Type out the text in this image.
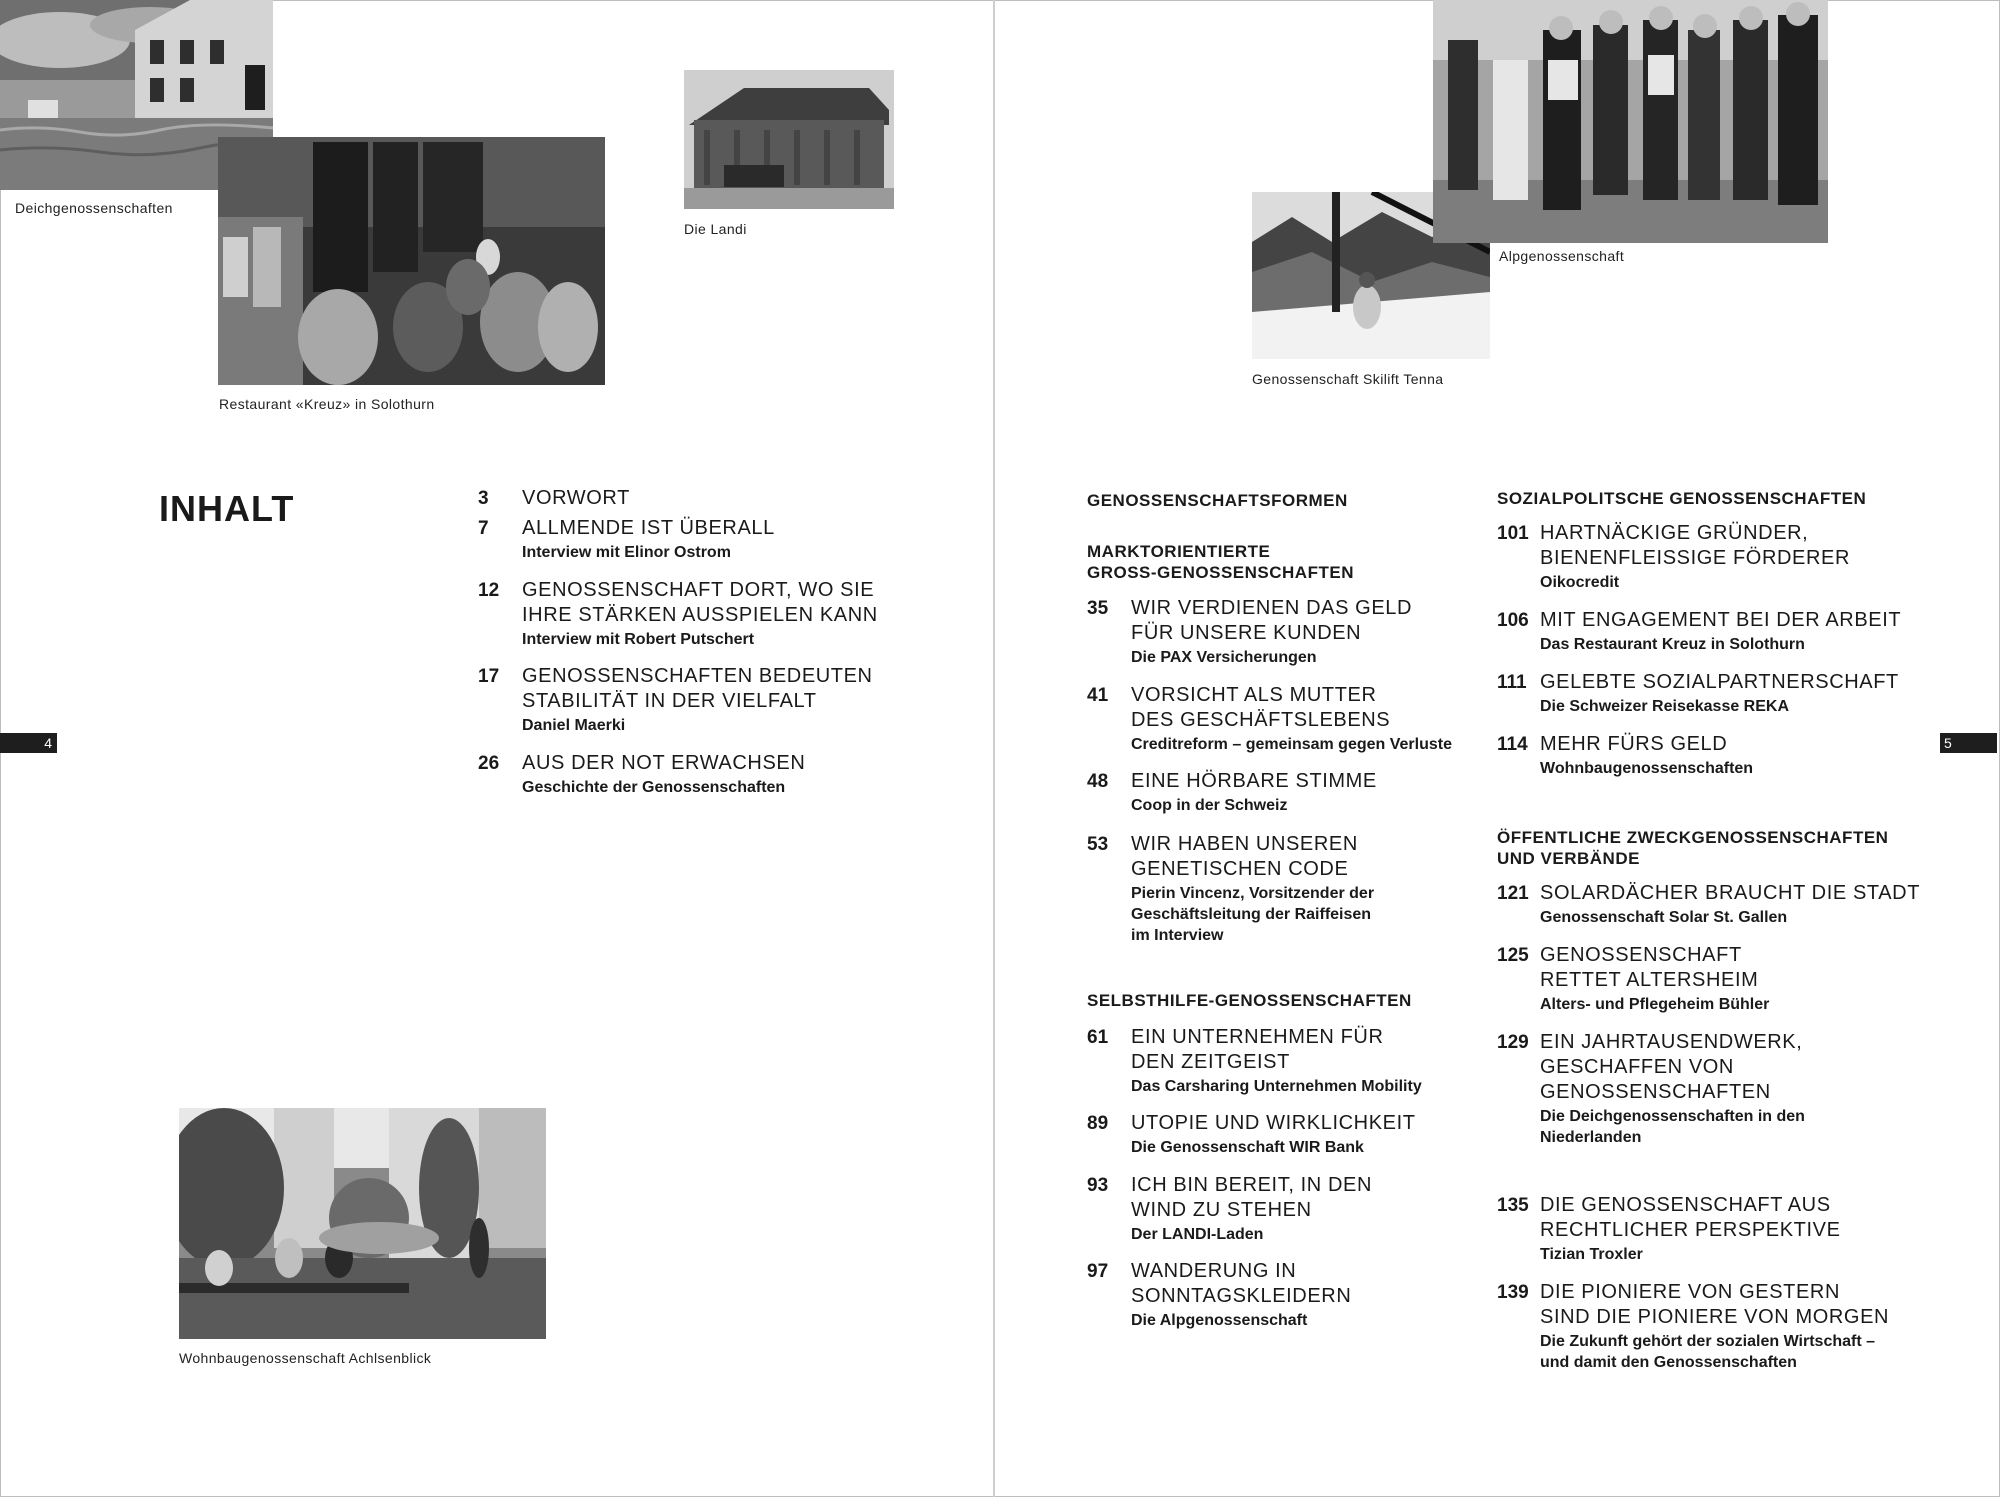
Deichgenossenschaften
Restaurant «Kreuz» in Solothurn
Die Landi
Wohnbaugenossenschaft Achlsenblick
Alpgenossenschaft
Genossenschaft Skilift Tenna
4	5
INHALT	GENOSSENSCHAFTSFORMEN
3 VORWORT
7 ALLMENDE IST ÜBERALL
Interview mit Elinor Ostrom
12 GENOSSENSCHAFT DORT, WO SIE
IHRE STÄRKEN AUSSPIELEN KANN
Interview mit Robert Putschert
17 GENOSSENSCHAFTEN BEDEUTEN
STABILITÄT IN DER VIELFALT
Daniel Maerki
26 AUS DER NOT ERWACHSEN
Geschichte der Genossenschaften
MARKTORIENTIERTE
GROSS-GENOSSENSCHAFTEN
35 WIR VERDIENEN DAS GELD
FÜR UNSERE KUNDEN
Die PAX Versicherungen
41 VORSICHT ALS MUTTER
DES GESCHÄFTSLEBENS
Creditreform – gemeinsam gegen Verluste
48 EINE HÖRBARE STIMME
Coop in der Schweiz
53 WIR HABEN UNSEREN
GENETISCHEN CODE
Pierin Vincenz, Vorsitzender der
Geschäftsleitung der Raiffeisen
im Interview
SELBSTHILFE-GENOSSENSCHAFTEN
61 EIN UNTERNEHMEN FÜR
DEN ZEITGEIST
Das Carsharing Unternehmen Mobility
89 UTOPIE UND WIRKLICHKEIT
Die Genossenschaft WIR Bank
93 ICH BIN BEREIT, IN DEN
WIND ZU STEHEN
Der LANDI-Laden
97 WANDERUNG IN
SONNTAGSKLEIDERN
Die Alpgenossenschaft
SOZIALPOLITSCHE GENOSSENSCHAFTEN
101 HARTNÄCKIGE GRÜNDER,
BIENENFLEISSIGE FÖRDERER
Oikocredit
106 MIT ENGAGEMENT BEI DER ARBEIT
Das Restaurant Kreuz in Solothurn
111 GELEBTE SOZIALPARTNERSCHAFT
Die Schweizer Reisekasse REKA
114 MEHR FÜRS GELD
Wohnbaugenossenschaften
ÖFFENTLICHE ZWECKGENOSSENSCHAFTEN
UND VERBÄNDE
121 SOLARDÄCHER BRAUCHT DIE STADT
Genossenschaft Solar St. Gallen
125 GENOSSENSCHAFT
RETTET ALTERSHEIM
Alters- und Pflegeheim Bühler
129 EIN JAHRTAUSENDWERK,
GESCHAFFEN VON
GENOSSENSCHAFTEN
Die Deichgenossenschaften in den
Niederlanden
135 DIE GENOSSENSCHAFT AUS
RECHTLICHER PERSPEKTIVE
Tizian Troxler
139 DIE PIONIERE VON GESTERN
SIND DIE PIONIERE VON MORGEN
Die Zukunft gehört der sozialen Wirtschaft –
und damit den Genossenschaften
